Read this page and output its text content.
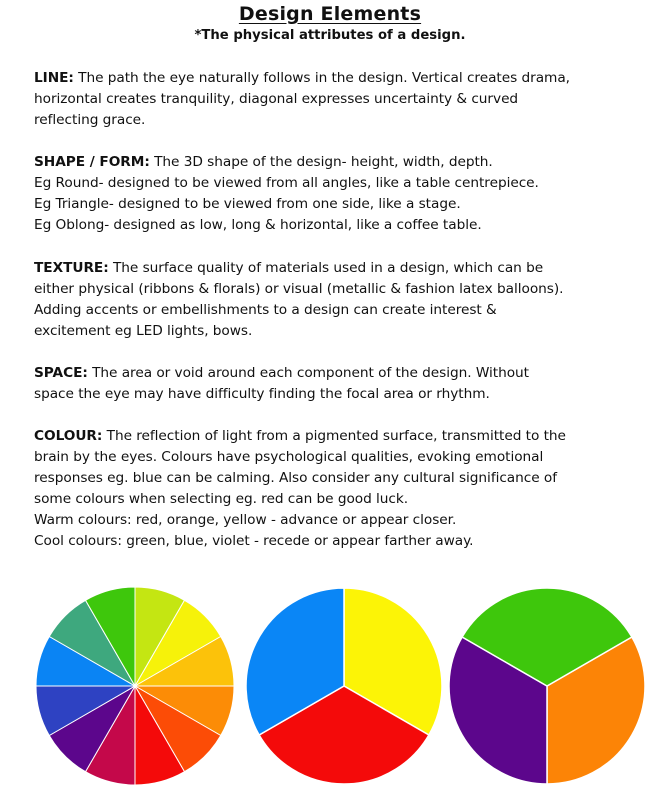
Design Elements
*The physical attributes of a design.
LINE: The path the eye naturally follows in the design. Vertical creates drama,
horizontal creates tranquility, diagonal expresses uncertainty & curved
reflecting grace.
SHAPE / FORM: The 3D shape of the design- height, width, depth.
Eg Round- designed to be viewed from all angles, like a table centrepiece.
Eg Triangle- designed to be viewed from one side, like a stage.
Eg Oblong- designed as low, long & horizontal, like a coffee table.
TEXTURE: The surface quality of materials used in a design, which can be
either physical (ribbons & florals) or visual (metallic & fashion latex balloons).
Adding accents or embellishments to a design can create interest &
excitement eg LED lights, bows.
SPACE: The area or void around each component of the design. Without
space the eye may have difficulty finding the focal area or rhythm.
COLOUR: The reflection of light from a pigmented surface, transmitted to the
brain by the eyes. Colours have psychological qualities, evoking emotional
responses eg. blue can be calming. Also consider any cultural significance of
some colours when selecting eg. red can be good luck.
Warm colours: red, orange, yellow - advance or appear closer.
Cool colours: green, blue, violet - recede or appear farther away.
